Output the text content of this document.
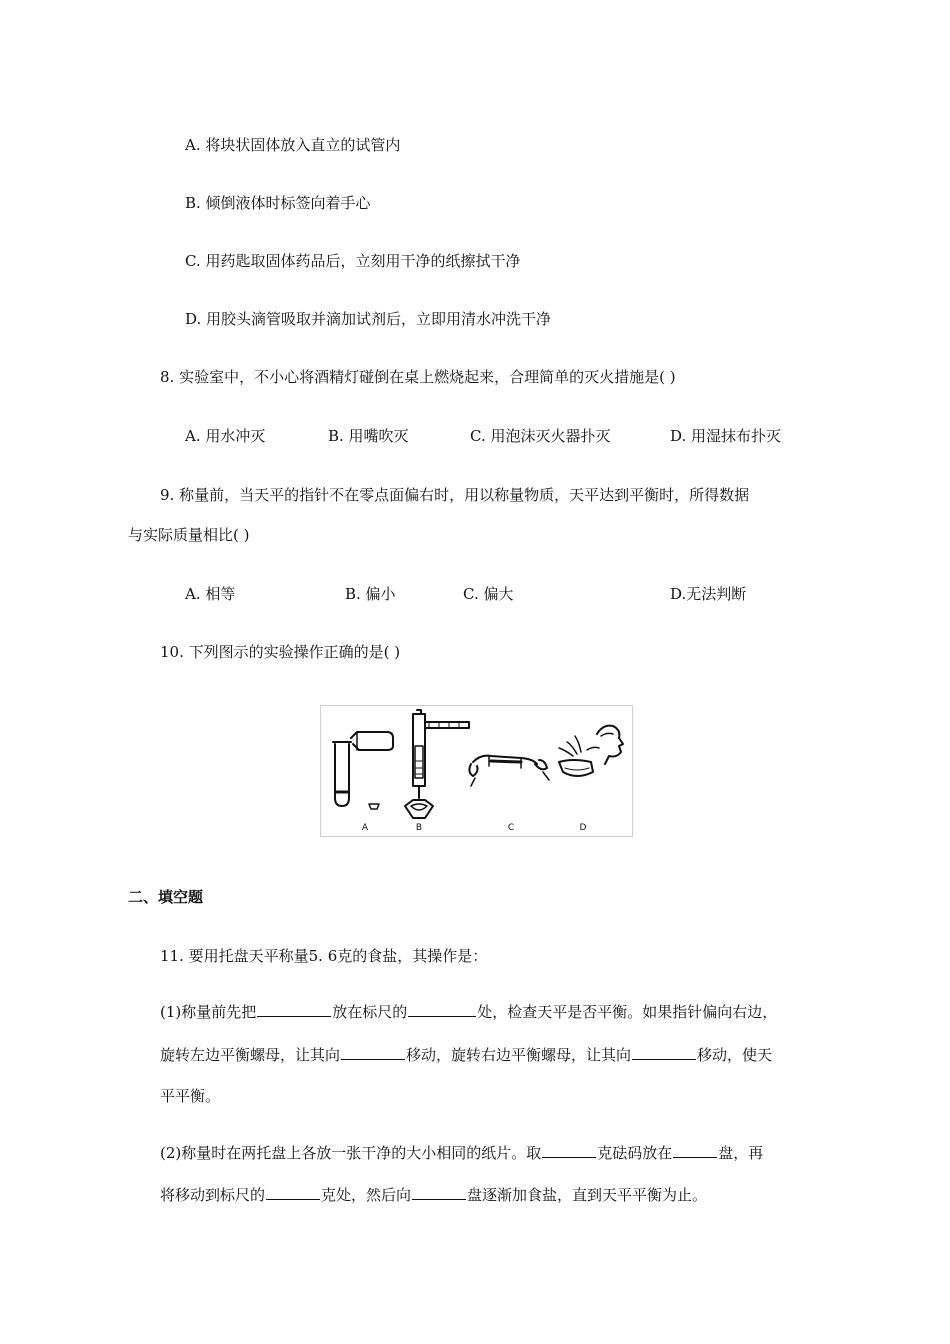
A. 将块状固体放入直立的试管内
B. 倾倒液体时标签向着手心
C. 用药匙取固体药品后，立刻用干净的纸擦拭干净
D. 用胶头滴管吸取并滴加试剂后，立即用清水冲洗干净
8. 实验室中，不小心将酒精灯碰倒在桌上燃烧起来，合理简单的灭火措施是( )
A. 用水冲灭	B. 用嘴吹灭	C. 用泡沫灭火器扑灭	D. 用湿抹布扑灭
9. 称量前，当天平的指针不在零点面偏右时，用以称量物质，天平达到平衡时，所得数据
与实际质量相比( )
A. 相等	B. 偏小	C. 偏大	D.无法判断
10. 下列图示的实验操作正确的是( )
A	B	C	D
二、填空题
11. 要用托盘天平称量5. 6克的食盐，其操作是：
(1)称量前先把	放在标尺的	处，检查天平是否平衡。如果指针偏向右边，
旋转左边平衡螺母，让其向	移动，旋转右边平衡螺母，让其向	移动，使天
平平衡。
(2)称量时在两托盘上各放一张干净的大小相同的纸片。取	克砝码放在	盘，再
将移动到标尺的	克处，然后向	盘逐渐加食盐，直到天平平衡为止。
